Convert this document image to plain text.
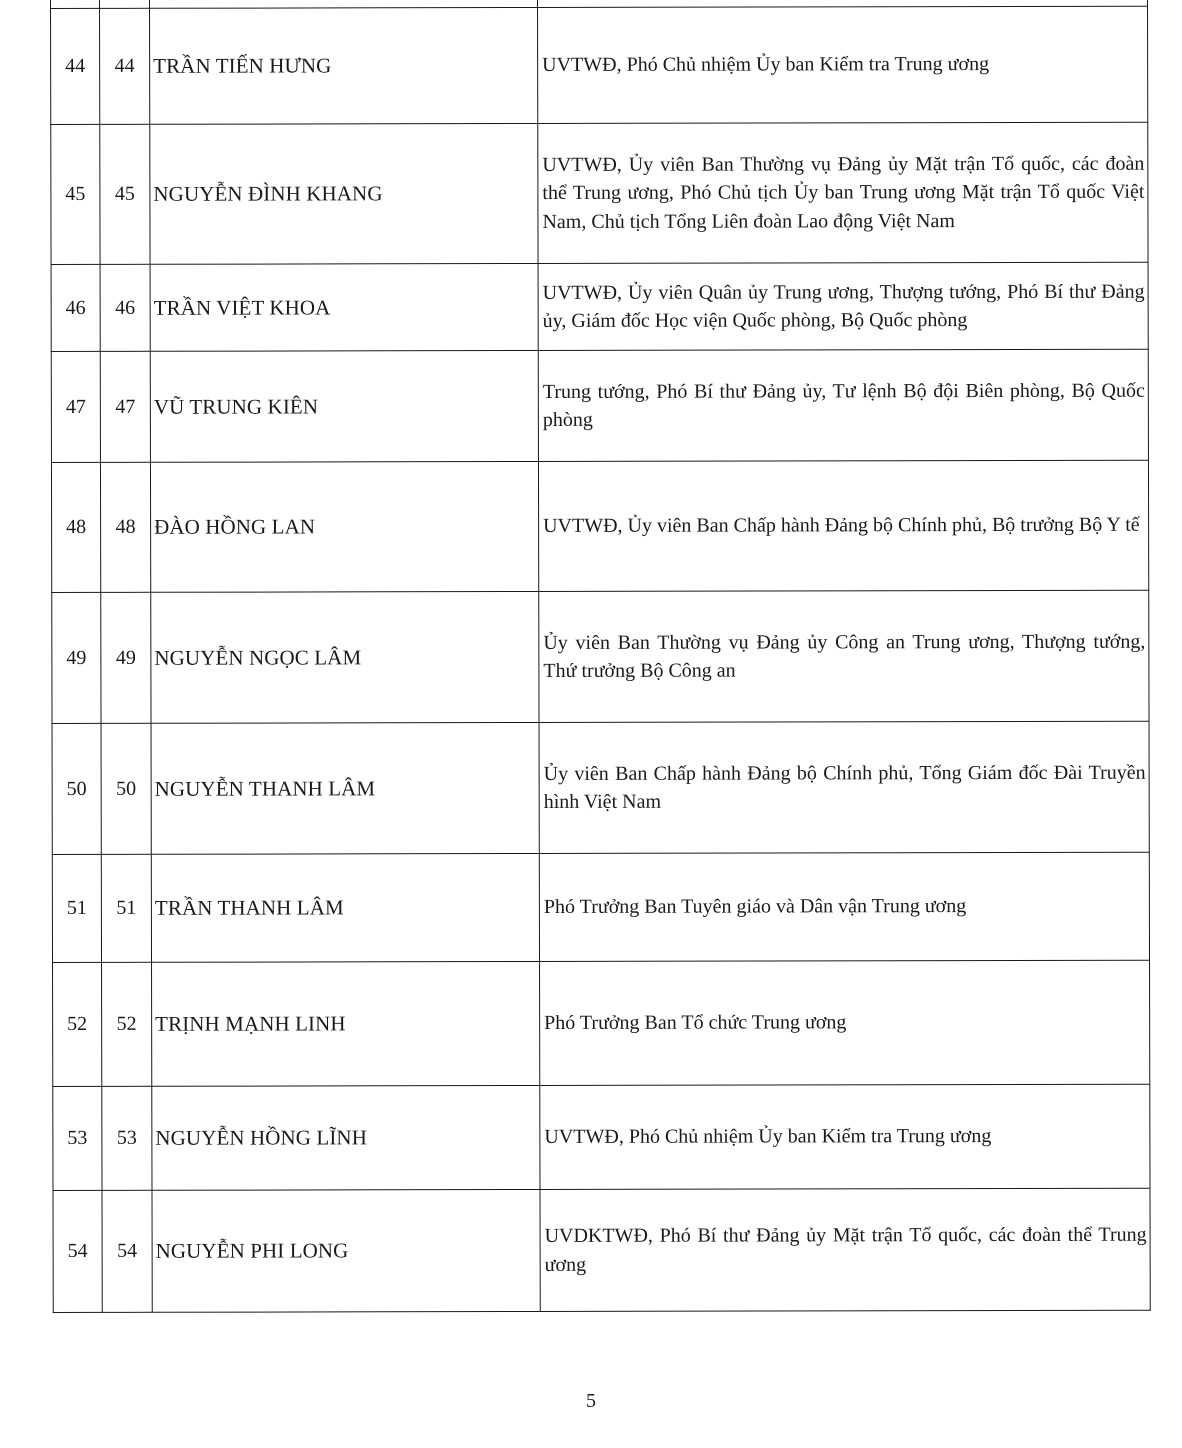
44	44	TRẦN TIẾN HƯNG	UVTWĐ, Phó Chủ nhiệm Ủy ban Kiểm tra Trung ương
45	45	NGUYỄN ĐÌNH KHANG	UVTWĐ, Ủy viên Ban Thường vụ Đảng ủy Mặt trận Tổ quốc, các đoàn thể Trung ương, Phó Chủ tịch Ủy ban Trung ương Mặt trận Tổ quốc Việt Nam, Chủ tịch Tổng Liên đoàn Lao động Việt Nam
46	46	TRẦN VIỆT KHOA	UVTWĐ, Ủy viên Quân ủy Trung ương, Thượng tướng, Phó Bí thư Đảng ủy, Giám đốc Học viện Quốc phòng, Bộ Quốc phòng
47	47	VŨ TRUNG KIÊN	Trung tướng, Phó Bí thư Đảng ủy, Tư lệnh Bộ đội Biên phòng, Bộ Quốc phòng
48	48	ĐÀO HỒNG LAN	UVTWĐ, Ủy viên Ban Chấp hành Đảng bộ Chính phủ, Bộ trưởng Bộ Y tế
49	49	NGUYỄN NGỌC LÂM	Ủy viên Ban Thường vụ Đảng ủy Công an Trung ương, Thượng tướng, Thứ trưởng Bộ Công an
50	50	NGUYỄN THANH LÂM	Ủy viên Ban Chấp hành Đảng bộ Chính phủ, Tổng Giám đốc Đài Truyền hình Việt Nam
51	51	TRẦN THANH LÂM	Phó Trưởng Ban Tuyên giáo và Dân vận Trung ương
52	52	TRỊNH MẠNH LINH	Phó Trưởng Ban Tổ chức Trung ương
53	53	NGUYỄN HỒNG LĨNH	UVTWĐ, Phó Chủ nhiệm Ủy ban Kiểm tra Trung ương
54	54	NGUYỄN PHI LONG	UVDKTWĐ, Phó Bí thư Đảng ủy Mặt trận Tổ quốc, các đoàn thể Trung ương
5
